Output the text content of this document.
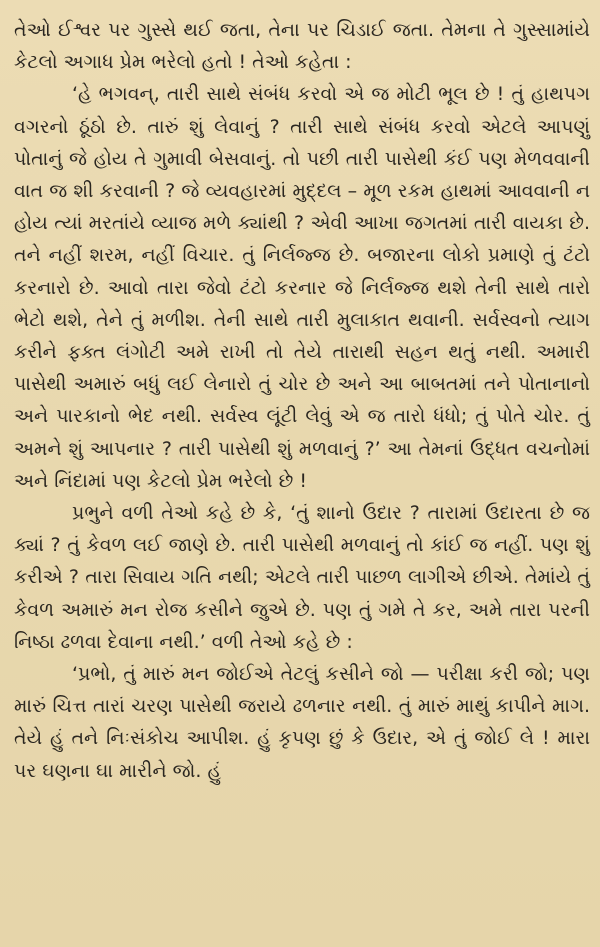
તેઓ ઈશ્વર પર ગુસ્સે થઈ જતા, તેના પર ચિડાઈ જતા. તેમના તે ગુસ્સામાંયે કેટલો અગાધ પ્રેમ ભરેલો હતો ! તેઓ કહેતા :

‘હે ભગવન્, તારી સાથે સંબંધ કરવો એ જ મોટી ભૂલ છે ! તું હાથપગ વગરનો ઠૂંઠો છે. તારું શું લેવાનું ? તારી સાથે સંબંધ કરવો એટલે આપણું પોતાનું જે હોય તે ગુમાવી બેસવાનું. તો પછી તારી પાસેથી કંઈ પણ મેળવવાની વાત જ શી કરવાની ? જે વ્યવહારમાં મુદ્દલ – મૂળ રકમ હાથમાં આવવાની ન હોય ત્યાં મરતાંયે વ્યાજ મળે ક્યાંથી ? એવી આખા જગતમાં તારી વાયકા છે. તને નહીં શરમ, નહીં વિચાર. તું નિર્લજ્જ છે. બજારના લોકો પ્રમાણે તું ટંટો કરનારો છે. આવો તારા જેવો ટંટો કરનાર જે નિર્લજ્જ થશે તેની સાથે તારો ભેટો થશે, તેને તું મળીશ. તેની સાથે તારી મુલાકાત થવાની. સર્વસ્વનો ત્યાગ કરીને ફક્ત લંગોટી અમે રાખી તો તેયે તારાથી સહન થતું નથી. અમારી પાસેથી અમારું બધું લઈ લેનારો તું ચોર છે અને આ બાબતમાં તને પોતાનાનો અને પારકાનો ભેદ નથી. સર્વસ્વ લૂંટી લેવું એ જ તારો ધંધો; તું પોતે ચોર. તું અમને શું આપનાર ? તારી પાસેથી શું મળવાનું ?’ આ તેમનાં ઉદ્ધત વચનોમાં અને નિંદામાં પણ કેટલો પ્રેમ ભરેલો છે !

પ્રભુને વળી તેઓ કહે છે કે, ‘તું શાનો ઉદાર ? તારામાં ઉદારતા છે જ ક્યાં ? તું કેવળ લઈ જાણે છે. તારી પાસેથી મળવાનું તો કાંઈ જ નહીં. પણ શું કરીએ ? તારા સિવાય ગતિ નથી; એટલે તારી પાછળ લાગીએ છીએ. તેમાંયે તું કેવળ અમારું મન રોજ કસીને જુએ છે. પણ તું ગમે તે કર, અમે તારા પરની નિષ્ઠા ઢળવા દેવાના નથી.’ વળી તેઓ કહે છે :

‘પ્રભો, તું મારું મન જોઈએ તેટલું કસીને જો — પરીક્ષા કરી જો; પણ મારું ચિત્ત તારાં ચરણ પાસેથી જરાયે ઢળનાર નથી. તું મારું માથું કાપીને માગ. તેયે હું તને નિઃસંકોચ આપીશ. હું કૃપણ છું કે ઉદાર, એ તું જોઈ લે ! મારા પર ઘણના ઘા મારીને જો. હું
